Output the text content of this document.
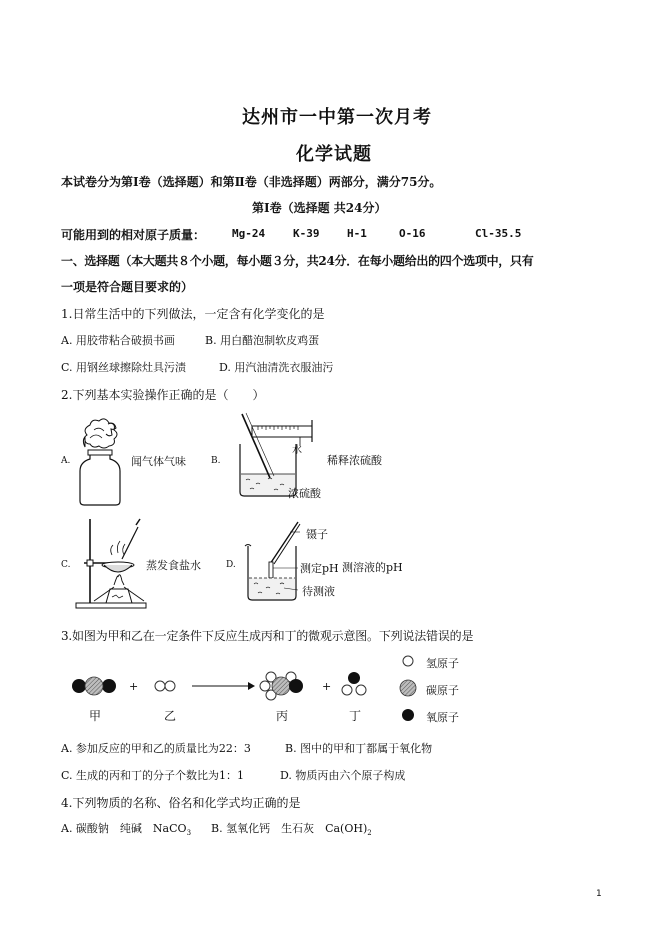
达州市一中第一次月考
化学试题
本试卷分为第Ⅰ卷（选择题）和第Ⅱ卷（非选择题）两部分，满分75分。
第Ⅰ卷（选择题 共24分）
可能用到的相对原子质量： Mg-24	K-39	H-1	O-16	Cl-35.5
一、选择题（本大题共８个小题，每小题３分，共24分．在每小题给出的四个选项中，只有
一项是符合题目要求的）
1.日常生活中的下列做法，一定含有化学变化的是
A. 用胶带粘合破损书画	B. 用白醋泡制软皮鸡蛋
C. 用钢丝球擦除灶具污渍	D. 用汽油清洗衣服油污
2.下列基本实验操作正确的是（　　）
A.	闻气体气味	B.
水
稀释浓硫酸
浓硫酸
C.	蒸发食盐水	D.
镊子
测定pH 测溶液的pH
待测液
3.如图为甲和乙在一定条件下反应生成丙和丁的微观示意图。下列说法错误的是
+	+
甲	乙	丙	丁
氢原子
碳原子
氧原子
A. 参加反应的甲和乙的质量比为22：3	B. 图中的甲和丁都属于氧化物
C. 生成的丙和丁的分子个数比为1：1	D. 物质丙由六个原子构成
4.下列物质的名称、俗名和化学式均正确的是
A. 碳酸钠　纯碱　NaCO$_3$ B. 氢氧化钙　生石灰　$Ca(OH)_2$
1
